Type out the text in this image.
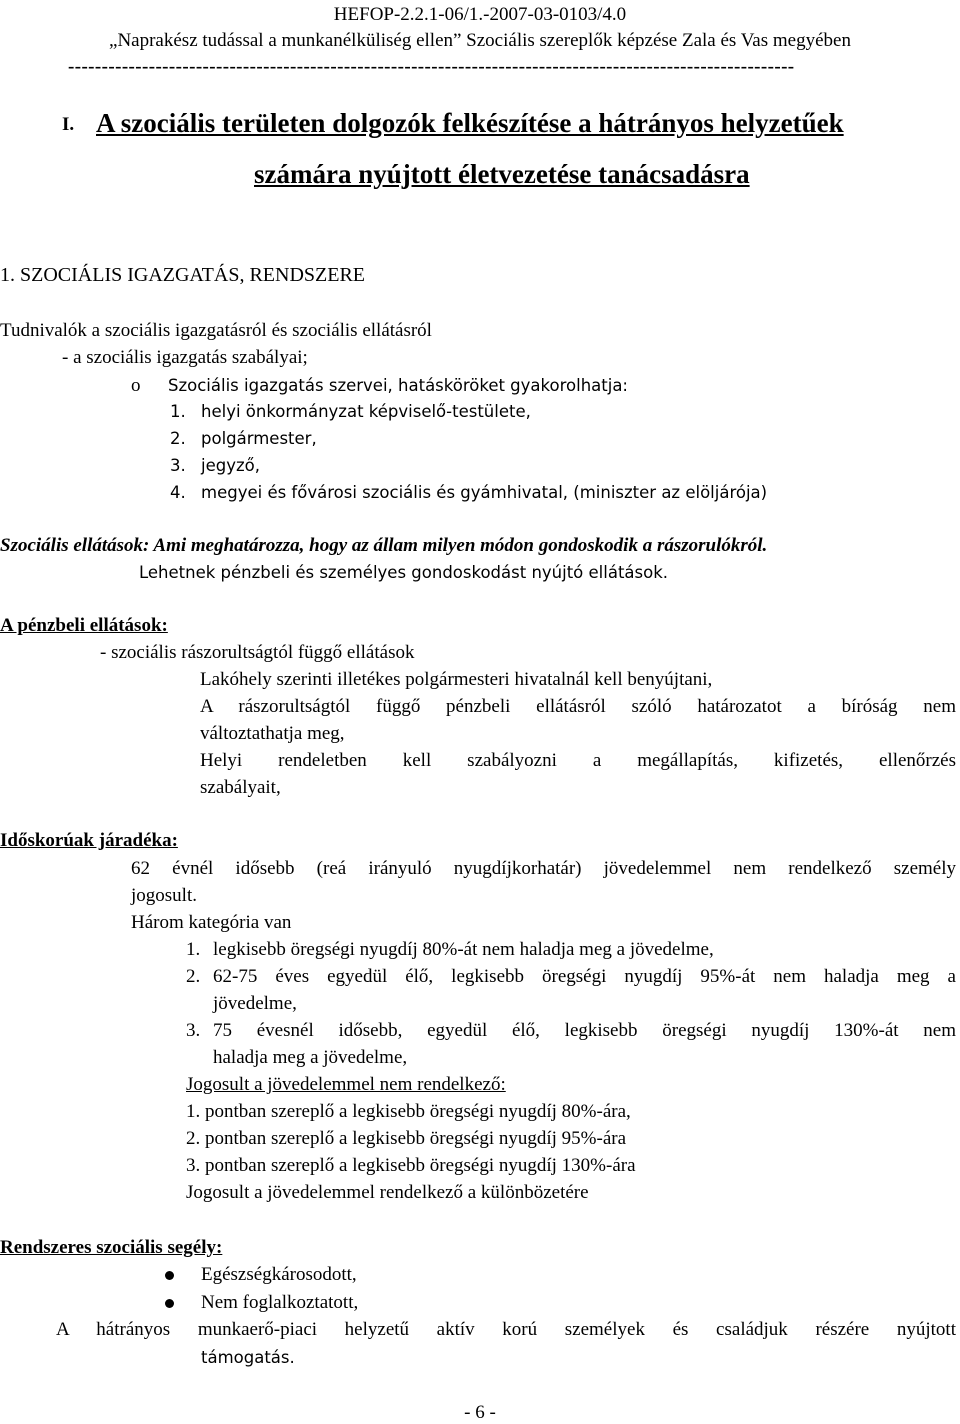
HEFOP-2.2.1-06/1.-2007-03-0103/4.0
„Naprakész tudással a munkanélküliség ellen” Szociális szereplők képzése Zala és Vas megyében
------------------------------------------------------------------------------------------------------------
I. A szociális területen dolgozók felkészítése a hátrányos helyzetűek
számára nyújtott életvezetése tanácsadásra
1. SZOCIÁLIS IGAZGATÁS, RENDSZERE
Tudnivalók a szociális igazgatásról és szociális ellátásról
- a szociális igazgatás szabályai;
o Szociális igazgatás szervei, hatásköröket gyakorolhatja:
1. helyi önkormányzat képviselő-testülete,
2. polgármester,
3. jegyző,
4. megyei és fővárosi szociális és gyámhivatal, (miniszter az elöljárója)
Szociális ellátások: Ami meghatározza, hogy az állam milyen módon gondoskodik a rászorulókról.
Lehetnek pénzbeli és személyes gondoskodást nyújtó ellátások.
A pénzbeli ellátások:
- szociális rászorultságtól függő ellátások
Lakóhely szerinti illetékes polgármesteri hivatalnál kell benyújtani,
A rászorultságtól függő pénzbeli ellátásról szóló határozatot a bíróság nem
változtathatja meg,
Helyi rendeletben kell szabályozni a megállapítás, kifizetés, ellenőrzés
szabályait,
Időskorúak járadéka:
62 évnél idősebb (reá irányuló nyugdíjkorhatár) jövedelemmel nem rendelkező személy
jogosult.
Három kategória van
1. legkisebb öregségi nyugdíj 80%-át nem haladja meg a jövedelme,
2. 62-75 éves egyedül élő, legkisebb öregségi nyugdíj 95%-át nem haladja meg a
jövedelme,
3. 75 évesnél idősebb, egyedül élő, legkisebb öregségi nyugdíj 130%-át nem
haladja meg a jövedelme,
Jogosult a jövedelemmel nem rendelkező:
1. pontban szereplő a legkisebb öregségi nyugdíj 80%-ára,
2. pontban szereplő a legkisebb öregségi nyugdíj 95%-ára
3. pontban szereplő a legkisebb öregségi nyugdíj 130%-ára
Jogosult a jövedelemmel rendelkező a különbözetére
Rendszeres szociális segély:
Egészségkárosodott,
Nem foglalkoztatott,
A hátrányos munkaerő-piaci helyzetű aktív korú személyek és családjuk részére nyújtott
támogatás.
- 6 -
